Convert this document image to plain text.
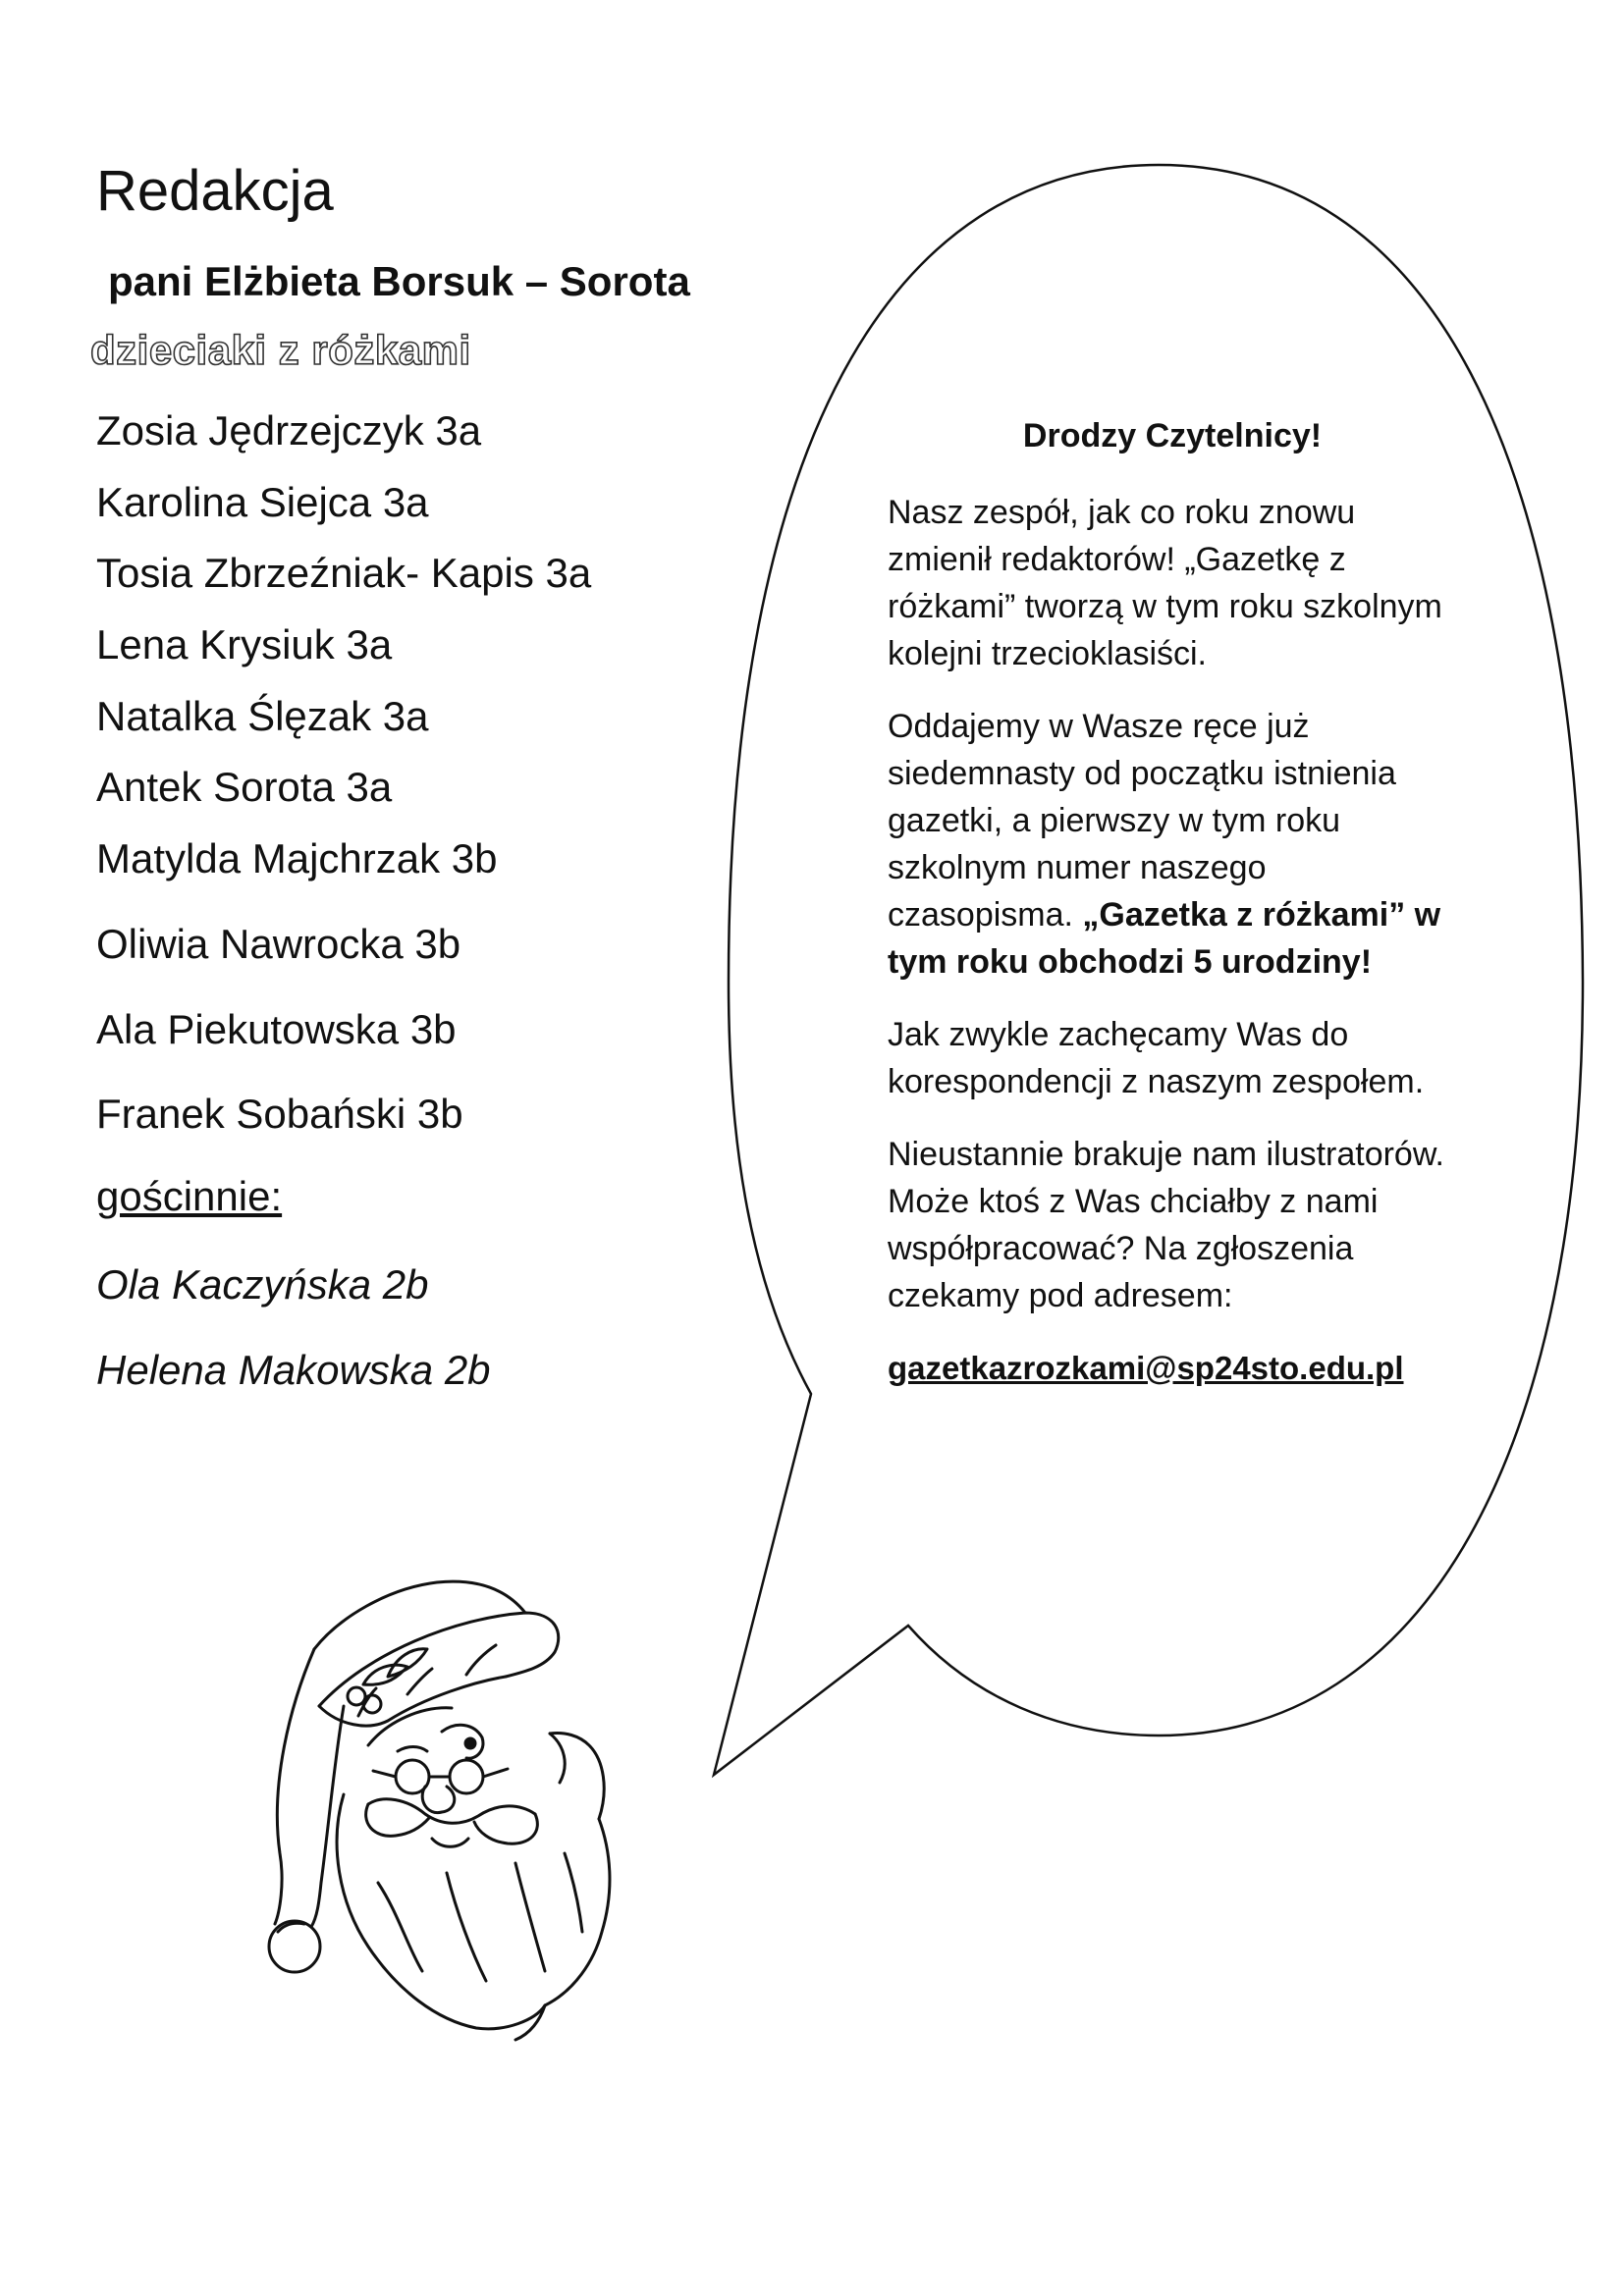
Redakcja
pani Elżbieta Borsuk – Sorota
dzieciaki z różkami
Zosia Jędrzejczyk 3a
Karolina Siejca 3a
Tosia Zbrzeźniak- Kapis 3a
Lena Krysiuk 3a
Natalka Ślęzak 3a
Antek Sorota 3a
Matylda Majchrzak 3b
Oliwia Nawrocka 3b
Ala Piekutowska 3b
Franek Sobański 3b
gościnnie:
Ola Kaczyńska 2b
Helena Makowska 2b
Drodzy Czytelnicy!

Nasz zespół, jak co roku znowu zmienił redaktorów! „Gazetkę z różkami” tworzą w tym roku szkolnym kolejni trzecioklasiści.

Oddajemy w Wasze ręce już siedemnasty od początku istnienia gazetki, a pierwszy w tym roku szkolnym numer naszego czasopisma. „Gazetka z różkami” w tym roku obchodzi 5 urodziny!

Jak zwykle zachęcamy Was do korespondencji z naszym zespołem.

Nieustannie brakuje nam ilustratorów. Może ktoś z Was chciałby z nami współpracować? Na zgłoszenia czekamy pod adresem:

gazetkazrozkami@sp24sto.edu.pl
